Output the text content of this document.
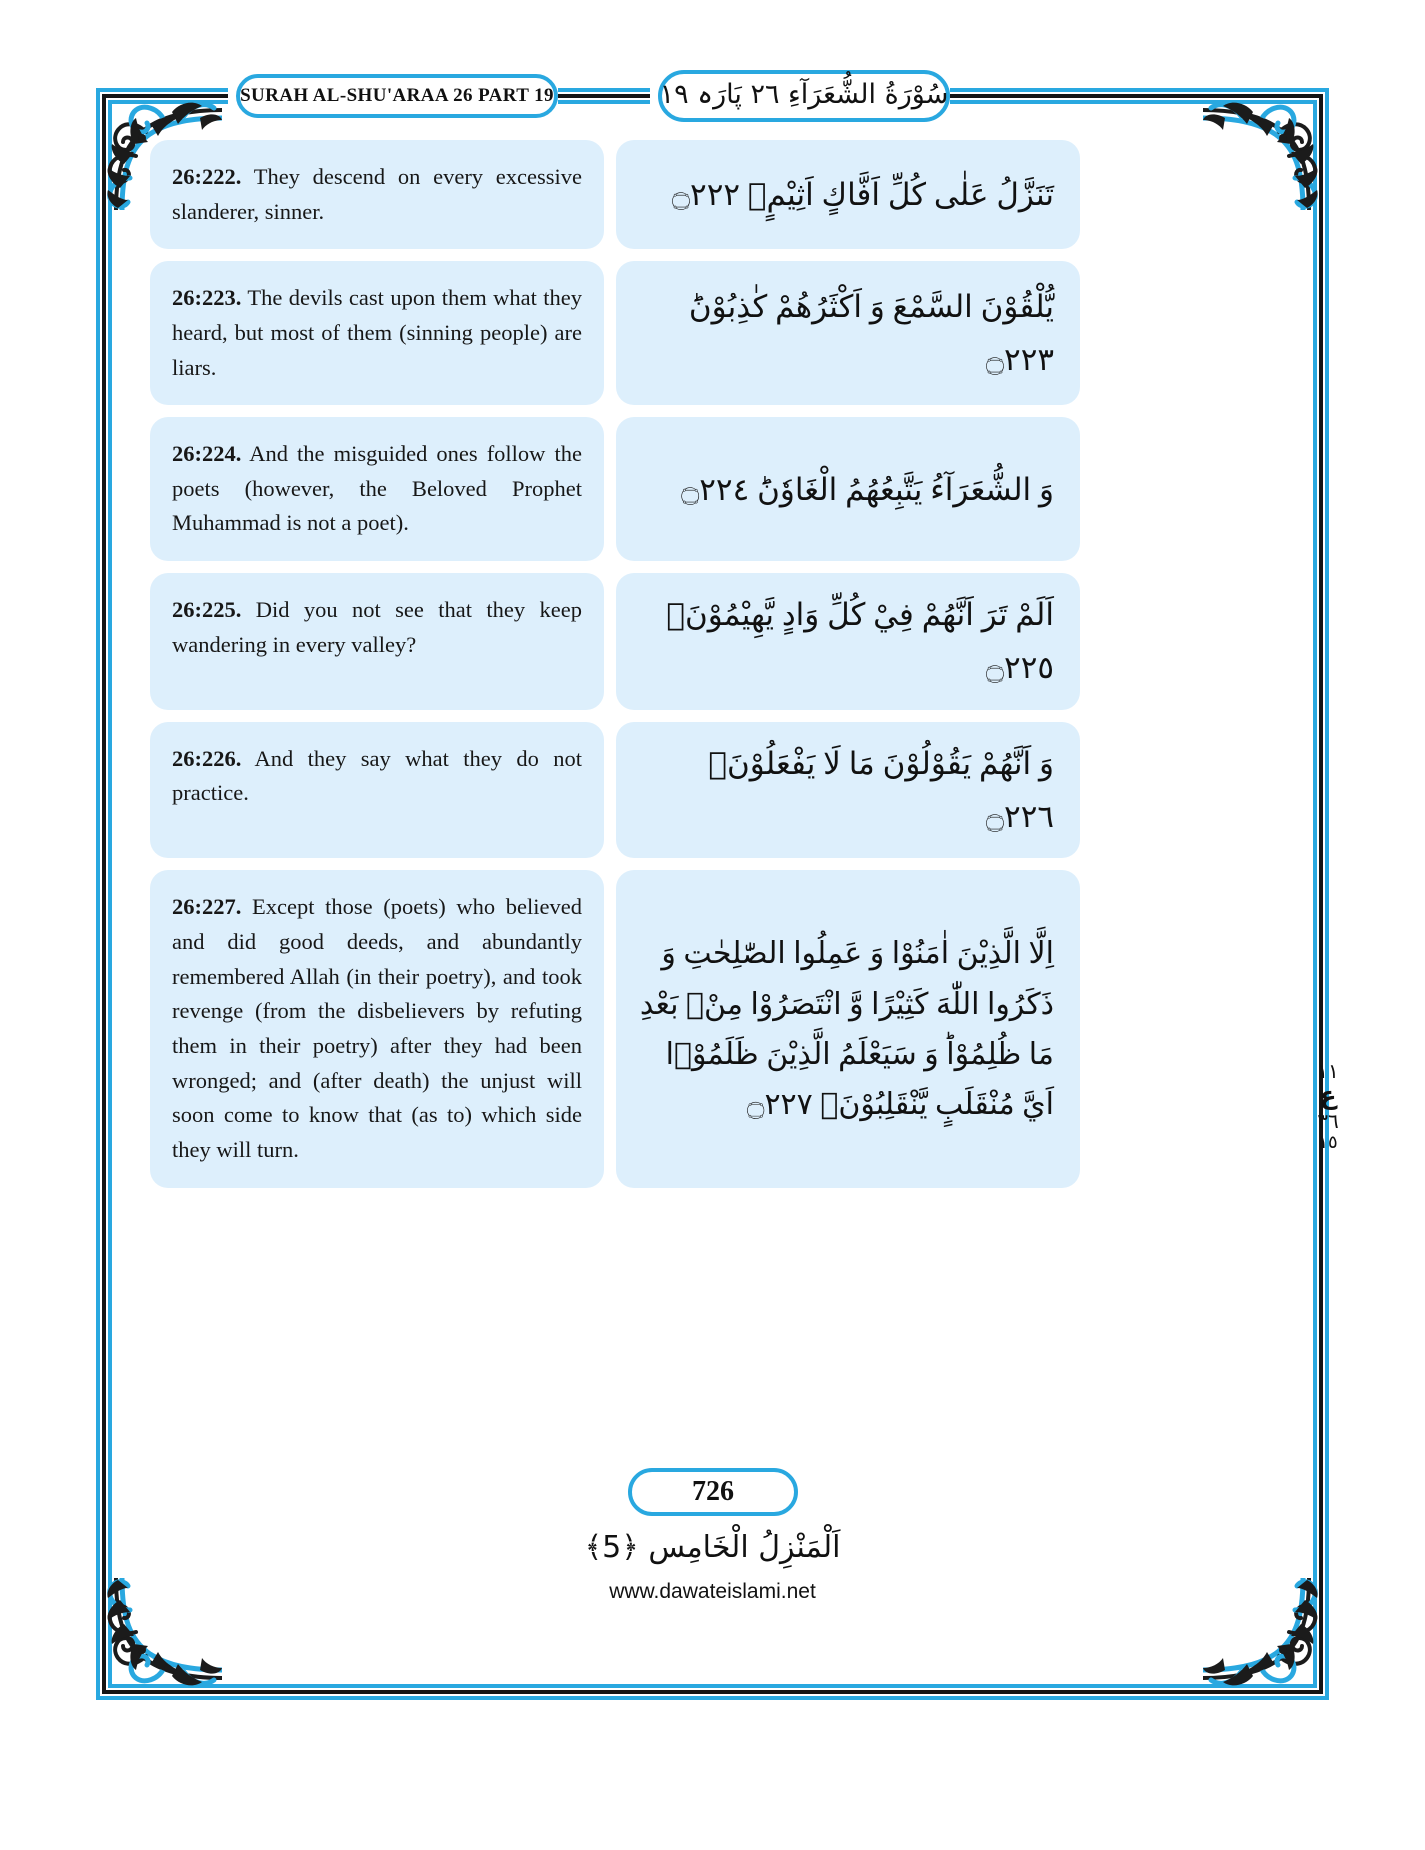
SURAH AL-SHU'ARAA 26 PART 19	سُوْرَةُ الشُّعَرَآءِ ٢٦ پَارَہ ١٩
26:222. They descend on every excessive slanderer, sinner.	تَنَزَّلُ عَلٰى كُلِّ اَفَّاكٍ اَثِيْمٍۙ ۝٢٢٢
26:223. The devils cast upon them what they heard, but most of them (sinning people) are liars.
يُّلْقُوْنَ السَّمْعَ وَ اَكْثَرُهُمْ كٰذِبُوْنَؕ ۝٢٢٣
26:224. And the misguided ones follow the poets (however, the Beloved Prophet Muhammad is not a poet).
وَ الشُّعَرَآءُ يَتَّبِعُهُمُ الْغَاوٗنَؕ ۝٢٢٤
26:225. Did you not see that they keep wandering in every valley?
اَلَمْ تَرَ اَنَّهُمْ فِيْ كُلِّ وَادٍ يَّهِيْمُوْنَۙ ۝٢٢٥
26:226. And they say what they do not practice.
وَ اَنَّهُمْ يَقُوْلُوْنَ مَا لَا يَفْعَلُوْنَۙ ۝٢٢٦
26:227. Except those (poets) who believed and did good deeds, and abundantly remembered Allah (in their poetry), and took revenge (from the disbelievers by refuting them in their poetry) after they had been wronged; and (after death) the unjust will soon come to know that (as to) which side they will turn.
اِلَّا الَّذِيْنَ اٰمَنُوْا وَ عَمِلُوا الصّٰلِحٰتِ وَ ذَكَرُوا اللّٰهَ كَثِيْرًا وَّ انْتَصَرُوْا مِنْۢ بَعْدِ مَا ظُلِمُوْاؕ وَ سَيَعْلَمُ الَّذِيْنَ ظَلَمُوْۤا اَيَّ مُنْقَلَبٍ يَّنْقَلِبُوْنَ۠ ۝٢٢٧
١١
ع
٣٦
١٥
726
اَلْمَنْزِلُ الْخَامِس ﴿5﴾
www.dawateislami.net
